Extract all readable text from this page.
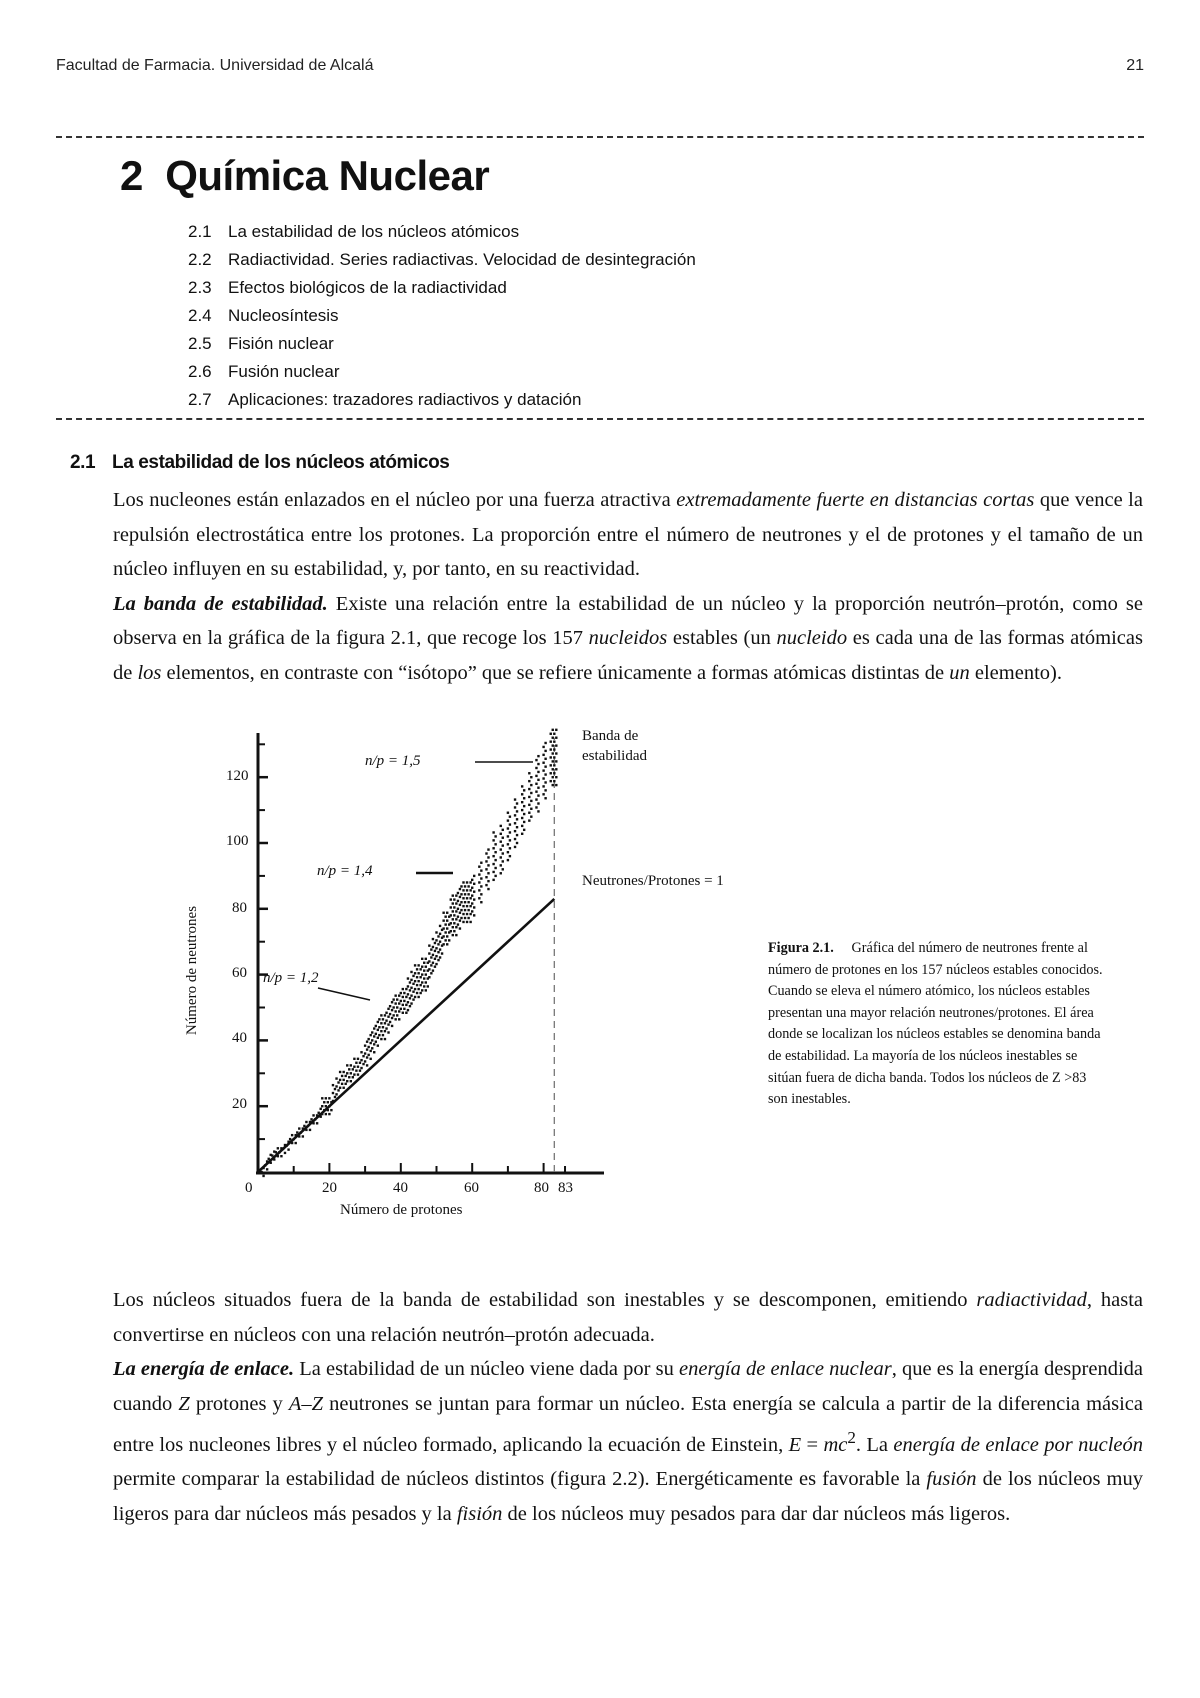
Facultad de Farmacia. Universidad de Alcalá	21
2 Química Nuclear
2.1 La estabilidad de los núcleos atómicos
2.2 Radiactividad. Series radiactivas. Velocidad de desintegración
2.3 Efectos biológicos de la radiactividad
2.4 Nucleosíntesis
2.5 Fisión nuclear
2.6 Fusión nuclear
2.7 Aplicaciones: trazadores radiactivos y datación
2.1 La estabilidad de los núcleos atómicos

Los nucleones están enlazados en el núcleo por una fuerza atractiva extremadamente fuerte en distancias cortas que vence la repulsión electrostática entre los protones. La proporción entre el número de neutrones y el de protones y el tamaño de un núcleo influyen en su estabilidad, y, por tanto, en su reactividad.

La banda de estabilidad. Existe una relación entre la estabilidad de un núcleo y la proporción neutrón–protón, como se observa en la gráfica de la figura 2.1, que recoge los 157 nucleidos estables (un nucleido es cada una de las formas atómicas de los elementos, en contraste con “isótopo” que se refiere únicamente a formas atómicas distintas de un elemento).

120
100
80
60
40
20
0	20	40	60	80 83
Número de protones
Número de neutrones
n/p = 1,5
n/p = 1,4
n/p = 1,2
Banda de estabilidad
Neutrones/Protones = 1
Figura 2.1. Gráfica del número de neutrones frente al número de protones en los 157 núcleos estables conocidos. Cuando se eleva el número atómico, los núcleos estables presentan una mayor relación neutrones/protones. El área donde se localizan los núcleos estables se denomina banda de estabilidad. La mayoría de los núcleos inestables se sitúan fuera de dicha banda. Todos los núcleos de Z >83 son inestables.

Los núcleos situados fuera de la banda de estabilidad son inestables y se descomponen, emitiendo radiactividad, hasta convertirse en núcleos con una relación neutrón–protón adecuada.

La energía de enlace. La estabilidad de un núcleo viene dada por su energía de enlace nuclear, que es la energía desprendida cuando Z protones y A–Z neutrones se juntan para formar un núcleo. Esta energía se calcula a partir de la diferencia másica entre los nucleones libres y el núcleo formado, aplicando la ecuación de Einstein, $E = mc^2$. La energía de enlace por nucleón permite comparar la estabilidad de núcleos distintos (figura 2.2). Energéticamente es favorable la fusión de los núcleos muy ligeros para dar núcleos más pesados y la fisión de los núcleos muy pesados para dar dar núcleos más ligeros.
